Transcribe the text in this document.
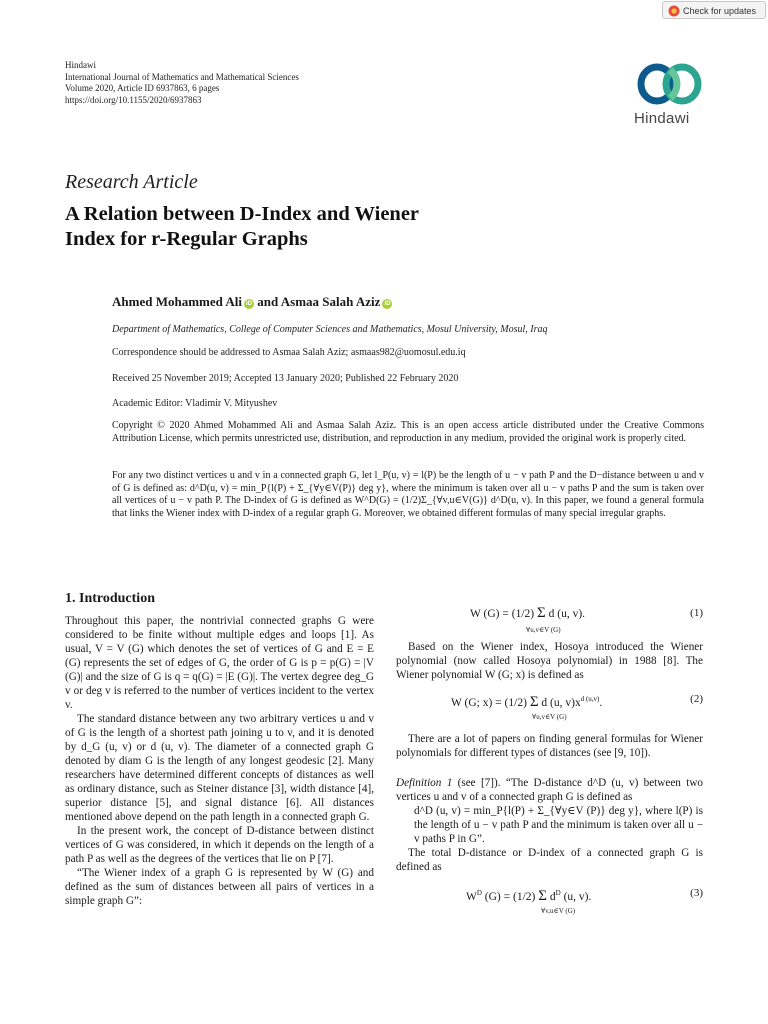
Check for updates
Hindawi
International Journal of Mathematics and Mathematical Sciences
Volume 2020, Article ID 6937863, 6 pages
https://doi.org/10.1155/2020/6937863
Hindawi
Research Article
A Relation between D-Index and Wiener
Index for r-Regular Graphs
Ahmed Mohammed Ali iD and Asmaa Salah Aziz iD
Department of Mathematics, College of Computer Sciences and Mathematics, Mosul University, Mosul, Iraq
Correspondence should be addressed to Asmaa Salah Aziz; asmaas982@uomosul.edu.iq
Received 25 November 2019; Accepted 13 January 2020; Published 22 February 2020
Academic Editor: Vladimir V. Mityushev
Copyright © 2020 Ahmed Mohammed Ali and Asmaa Salah Aziz. This is an open access article distributed under the Creative Commons Attribution License, which permits unrestricted use, distribution, and reproduction in any medium, provided the original work is properly cited.
For any two distinct vertices u and v in a connected graph G, let l_P(u, v) = l(P) be the length of u − v path P and the D−distance between u and v of G is defined as: d^D(u, v) = min_P{l(P) + Σ_{∀y∈V(P)} deg y}, where the minimum is taken over all u − v paths P and the sum is taken over all vertices of u − v path P. The D-index of G is defined as W^D(G) = (1/2)Σ_{∀v,u∈V(G)} d^D(u, v). In this paper, we found a general formula that links the Wiener index with D-index of a regular graph G. Moreover, we obtained different formulas of many special irregular graphs.
1. Introduction

Throughout this paper, the nontrivial connected graphs G were considered to be finite without multiple edges and loops [1]. As usual, V = V (G) which denotes the set of vertices of G and E = E (G) represents the set of edges of G, the order of G is p = p(G) = |V (G)| and the size of G is q = q(G) = |E (G)|. The vertex degree deg_G v or deg v is referred to the number of vertices incident to the vertex v.

The standard distance between any two arbitrary vertices u and v of G is the length of a shortest path joining u to v, and it is denoted by d_G (u, v) or d (u, v). The diameter of a connected graph G denoted by diam G is the length of any longest geodesic [2]. Many researchers have determined different concepts of distances as well as ordinary distance, such as Steiner distance [3], width distance [4], superior distance [5], and signal distance [6]. All distances mentioned above depend on the path length in a connected graph G.

In the present work, the concept of D-distance between distinct vertices of G was considered, in which it depends on the length of a path P as well as the degrees of the vertices that lie on P [7].

“The Wiener index of a graph G is represented by W (G) and defined as the sum of distances between all pairs of vertices in a simple graph G”:

W (G) = (1/2) Σ d (u, v).
∀u,v∈V (G)
(1)

Based on the Wiener index, Hosoya introduced the Wiener polynomial (now called Hosoya polynomial) in 1988 [8]. The Wiener polynomial W (G; x) is defined as

W (G; x) = (1/2) Σ d (u, $v)x^{d (u,v)}$.
∀u,v∈V (G)
(2)

There are a lot of papers on finding general formulas for Wiener polynomials for different types of distances (see [9, 10]).

Definition 1 (see [7]). “The D-distance d^D (u, v) between two vertices u and v of a connected graph G is defined as

d^D (u, v) = min_P{l(P) + Σ_{∀y∈V (P)} deg y}, where l(P) is the length of u − v path P and the minimum is taken over all u − v paths P in G”.

The total D-distance or D-index of a connected graph G is defined as

$W^D$ (G) = (1/2) Σ $d^D$ (u, v).
∀v,u∈V (G)
(3)
